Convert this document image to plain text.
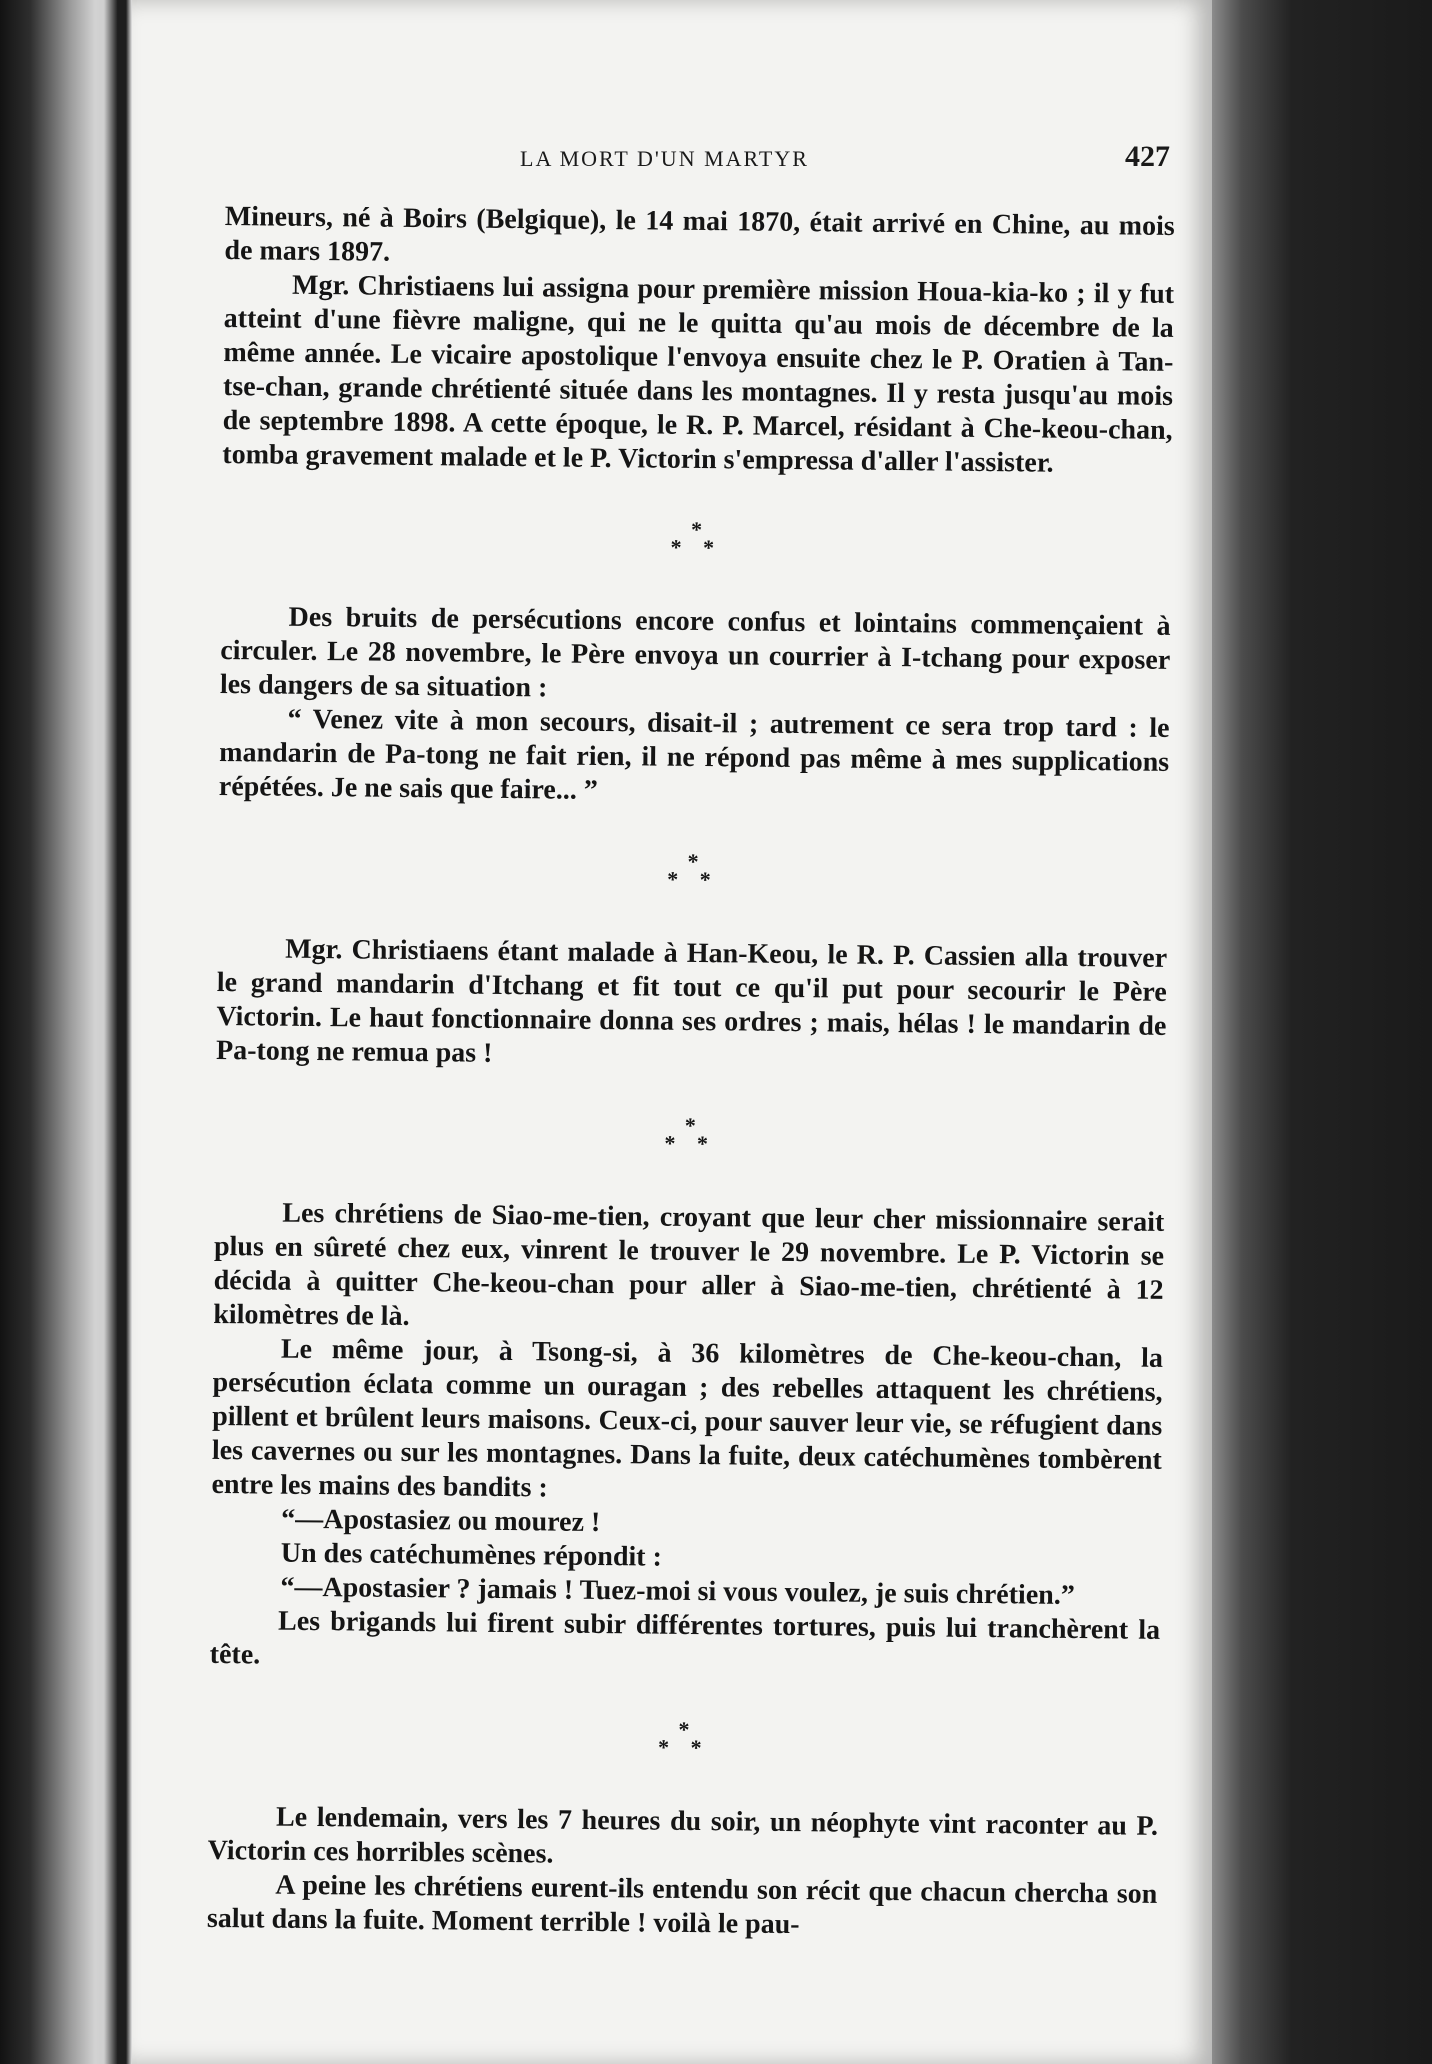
LA MORT D'UN MARTYR	427

Mineurs, né à Boirs (Belgique), le 14 mai 1870, était arrivé en Chine, au mois de mars 1897.

Mgr. Christiaens lui assigna pour première mission Houa-kia-ko ; il y fut atteint d'une fièvre maligne, qui ne le quitta qu'au mois de décembre de la même année. Le vicaire apostolique l'envoya ensuite chez le P. Oratien à Tan-tse-chan, grande chrétienté située dans les montagnes. Il y resta jusqu'au mois de septembre 1898. A cette époque, le R. P. Marcel, résidant à Che-keou-chan, tomba gravement malade et le P. Victorin s'empressa d'aller l'assister.

*
* *

Des bruits de persécutions encore confus et lointains commençaient à circuler. Le 28 novembre, le Père envoya un courrier à I-tchang pour exposer les dangers de sa situation :

“ Venez vite à mon secours, disait-il ; autrement ce sera trop tard : le mandarin de Pa-tong ne fait rien, il ne répond pas même à mes supplications répétées. Je ne sais que faire... ”

*
* *

Mgr. Christiaens étant malade à Han-Keou, le R. P. Cassien alla trouver le grand mandarin d'Itchang et fit tout ce qu'il put pour secourir le Père Victorin. Le haut fonctionnaire donna ses ordres ; mais, hélas ! le mandarin de Pa-tong ne remua pas !

*
* *

Les chrétiens de Siao-me-tien, croyant que leur cher missionnaire serait plus en sûreté chez eux, vinrent le trouver le 29 novembre. Le P. Victorin se décida à quitter Che-keou-chan pour aller à Siao-me-tien, chrétienté à 12 kilomètres de là.

Le même jour, à Tsong-si, à 36 kilomètres de Che-keou-chan, la persécution éclata comme un ouragan ; des rebelles attaquent les chrétiens, pillent et brûlent leurs maisons. Ceux-ci, pour sauver leur vie, se réfugient dans les cavernes ou sur les montagnes. Dans la fuite, deux catéchumènes tombèrent entre les mains des bandits :

“—Apostasiez ou mourez !

Un des catéchumènes répondit :

“—Apostasier ? jamais ! Tuez-moi si vous voulez, je suis chrétien.”

Les brigands lui firent subir différentes tortures, puis lui tranchèrent la tête.

*
* *

Le lendemain, vers les 7 heures du soir, un néophyte vint raconter au P. Victorin ces horribles scènes.

A peine les chrétiens eurent-ils entendu son récit que chacun chercha son salut dans la fuite. Moment terrible ! voilà le pau-
